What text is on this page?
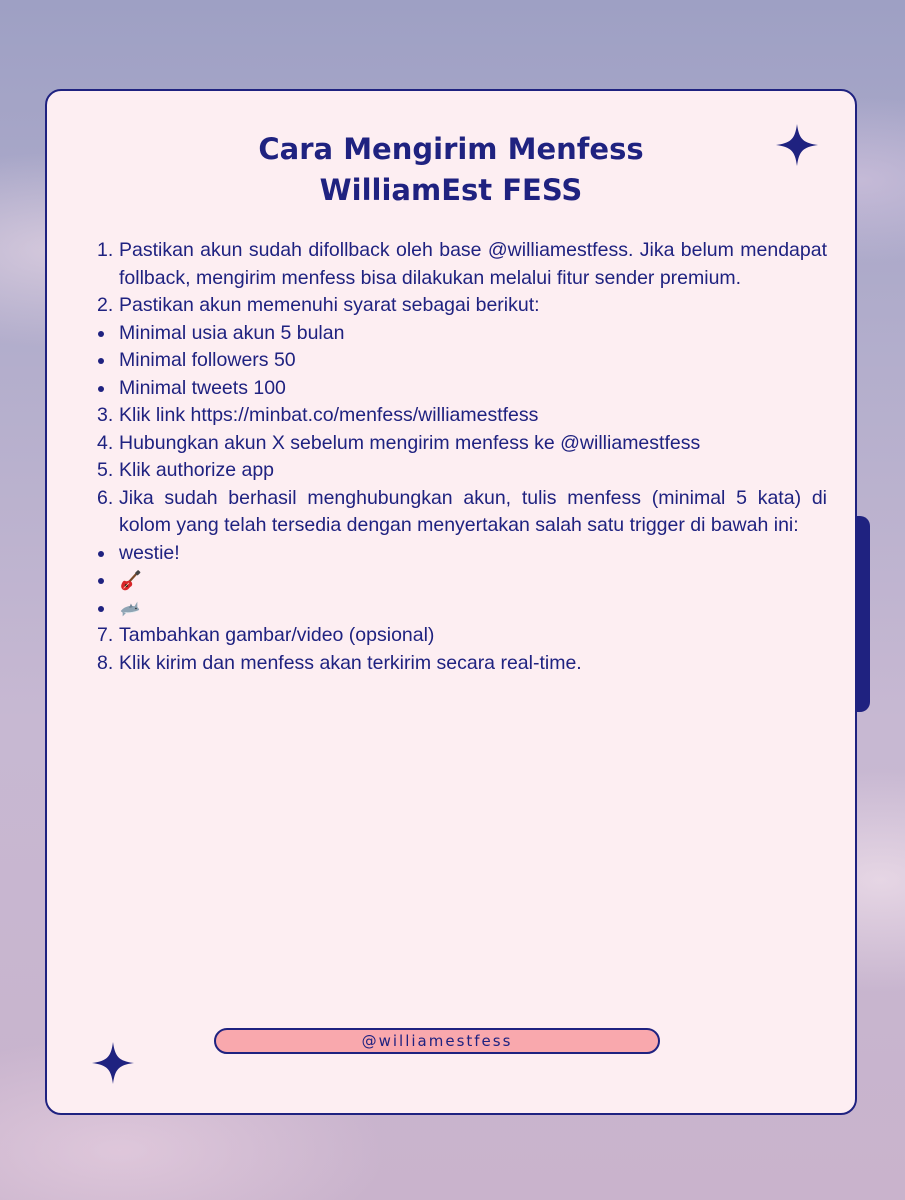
Cara Mengirim Menfess
WilliamEst FESS
1. Pastikan akun sudah difollback oleh base @williamestfess. Jika belum mendapat follback, mengirim menfess bisa dilakukan melalui fitur sender premium.
2. Pastikan akun memenuhi syarat sebagai berikut:
Minimal usia akun 5 bulan
Minimal followers 50
Minimal tweets 100
3. Klik link https://minbat.co/menfess/williamestfess
4. Hubungkan akun X sebelum mengirim menfess ke @williamestfess
5. Klik authorize app
6. Jika sudah berhasil menghubungkan akun, tulis menfess (minimal 5 kata) di kolom yang telah tersedia dengan menyertakan salah satu trigger di bawah ini:
westie!
7. Tambahkan gambar/video (opsional)
8. Klik kirim dan menfess akan terkirim secara real-time.
@williamestfess
